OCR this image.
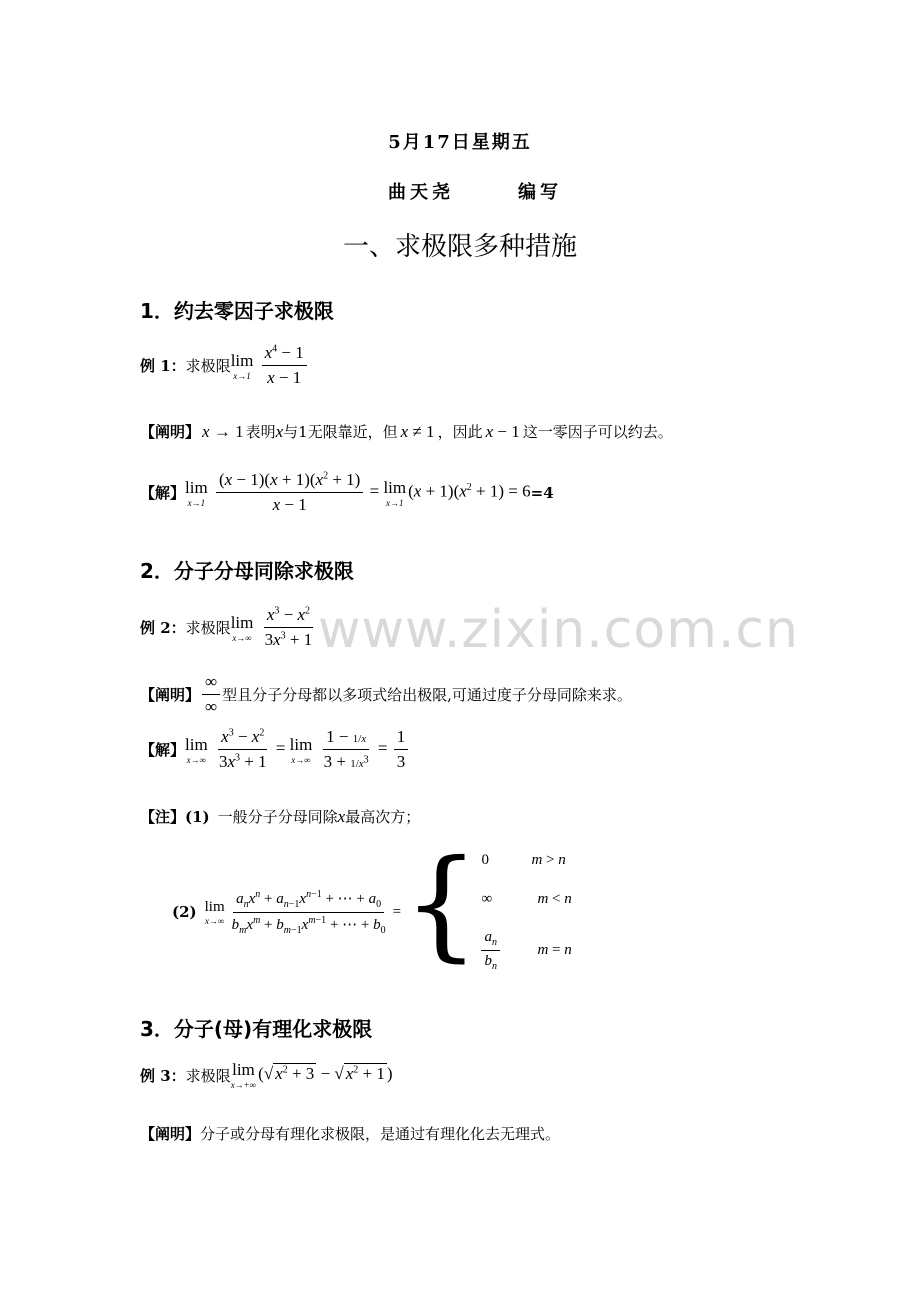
www.zixin.com.cn
5月17日星期五
曲天尧	编写
一、求极限多种措施
1．约去零因子求极限
例 1： 求极限 lim
x→1
$\frac{x^4 - 1}{x - 1}$
【阐明】 x → 1 表明 x 与1无限靠近，但 x ≠ 1 ，因此 x − 1 这一零因子可以约去。
【解】 lim
x→1
$\frac{(x - 1)(x + 1)(x^2 + 1)}{x - 1} = \lim$
x→1
$(x + 1)(x^2 + 1) = 6 =4$
2．分子分母同除求极限
例 2： 求极限 lim
x→∞
$\frac{x^3 - x^2}{3x^3 + 1}$
【阐明】 $\frac{\infty}{\infty}$ 型且分子分母都以多项式给出极限,可通过度子分母同除来求。
【解】 lim
x→∞
$\frac{x^3 - x^2}{3x^3 + 1} = \lim$
x→∞
$\frac{1 - 1/x}{3 + 1/x^3} = \frac{1}{3}$
【注】(1) 一般分子分母同除 x 最高次方；
(2) lim
$x\to\infty \frac{a_nx^n + a_{n-1}x^{n-1} + \cdots + a_0}{b_mx^m + b_{m-1}x^{m-1} + \cdots + b_0}$ = { 0	m > n
∞	m < n
$\frac{a_n}{b_n}$	m = n
3．分子(母)有理化求极限
例 3： 求极限 lim
x→+∞
(√ $x^2 + 3$ − √ $x^2 + 1$ )
【阐明】 分子或分母有理化求极限，是通过有理化化去无理式。
